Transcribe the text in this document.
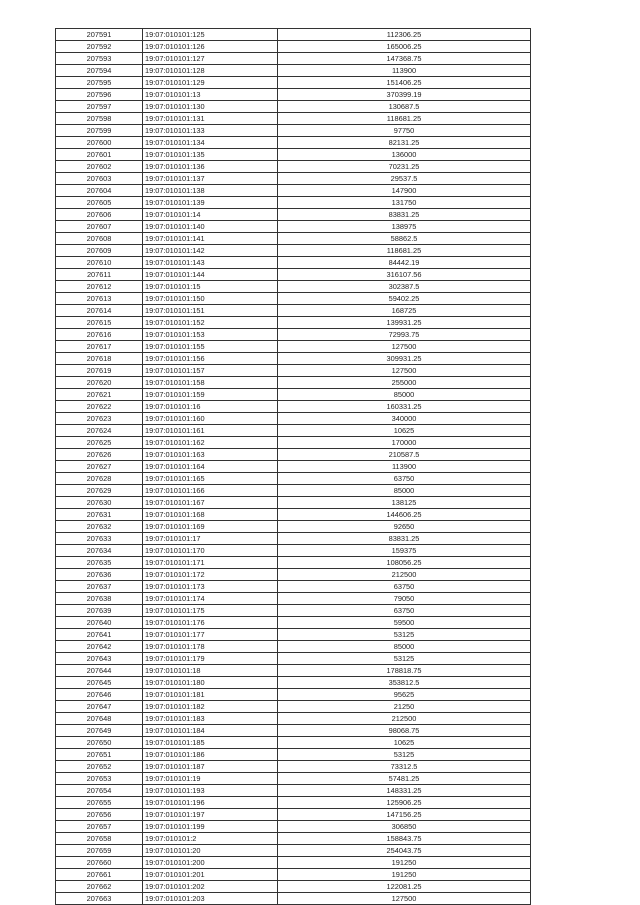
207591	19:07:010101:125	112306.25
207592	19:07:010101:126	165006.25
207593	19:07:010101:127	147368.75
207594	19:07:010101:128	113900
207595	19:07:010101:129	151406.25
207596	19:07:010101:13	370399.19
207597	19:07:010101:130	130687.5
207598	19:07:010101:131	118681.25
207599	19:07:010101:133	97750
207600	19:07:010101:134	82131.25
207601	19:07:010101:135	136000
207602	19:07:010101:136	70231.25
207603	19:07:010101:137	29537.5
207604	19:07:010101:138	147900
207605	19:07:010101:139	131750
207606	19:07:010101:14	83831.25
207607	19:07:010101:140	138975
207608	19:07:010101:141	58862.5
207609	19:07:010101:142	118681.25
207610	19:07:010101:143	84442.19
207611	19:07:010101:144	316107.56
207612	19:07:010101:15	302387.5
207613	19:07:010101:150	59402.25
207614	19:07:010101:151	168725
207615	19:07:010101:152	139931.25
207616	19:07:010101:153	72993.75
207617	19:07:010101:155	127500
207618	19:07:010101:156	309931.25
207619	19:07:010101:157	127500
207620	19:07:010101:158	255000
207621	19:07:010101:159	85000
207622	19:07:010101:16	160331.25
207623	19:07:010101:160	340000
207624	19:07:010101:161	10625
207625	19:07:010101:162	170000
207626	19:07:010101:163	210587.5
207627	19:07:010101:164	113900
207628	19:07:010101:165	63750
207629	19:07:010101:166	85000
207630	19:07:010101:167	138125
207631	19:07:010101:168	144606.25
207632	19:07:010101:169	92650
207633	19:07:010101:17	83831.25
207634	19:07:010101:170	159375
207635	19:07:010101:171	108056.25
207636	19:07:010101:172	212500
207637	19:07:010101:173	63750
207638	19:07:010101:174	79050
207639	19:07:010101:175	63750
207640	19:07:010101:176	59500
207641	19:07:010101:177	53125
207642	19:07:010101:178	85000
207643	19:07:010101:179	53125
207644	19:07:010101:18	178818.75
207645	19:07:010101:180	353812.5
207646	19:07:010101:181	95625
207647	19:07:010101:182	21250
207648	19:07:010101:183	212500
207649	19:07:010101:184	98068.75
207650	19:07:010101:185	10625
207651	19:07:010101:186	53125
207652	19:07:010101:187	73312.5
207653	19:07:010101:19	57481.25
207654	19:07:010101:193	148331.25
207655	19:07:010101:196	125906.25
207656	19:07:010101:197	147156.25
207657	19:07:010101:199	306850
207658	19:07:010101:2	158843.75
207659	19:07:010101:20	254043.75
207660	19:07:010101:200	191250
207661	19:07:010101:201	191250
207662	19:07:010101:202	122081.25
207663	19:07:010101:203	127500
